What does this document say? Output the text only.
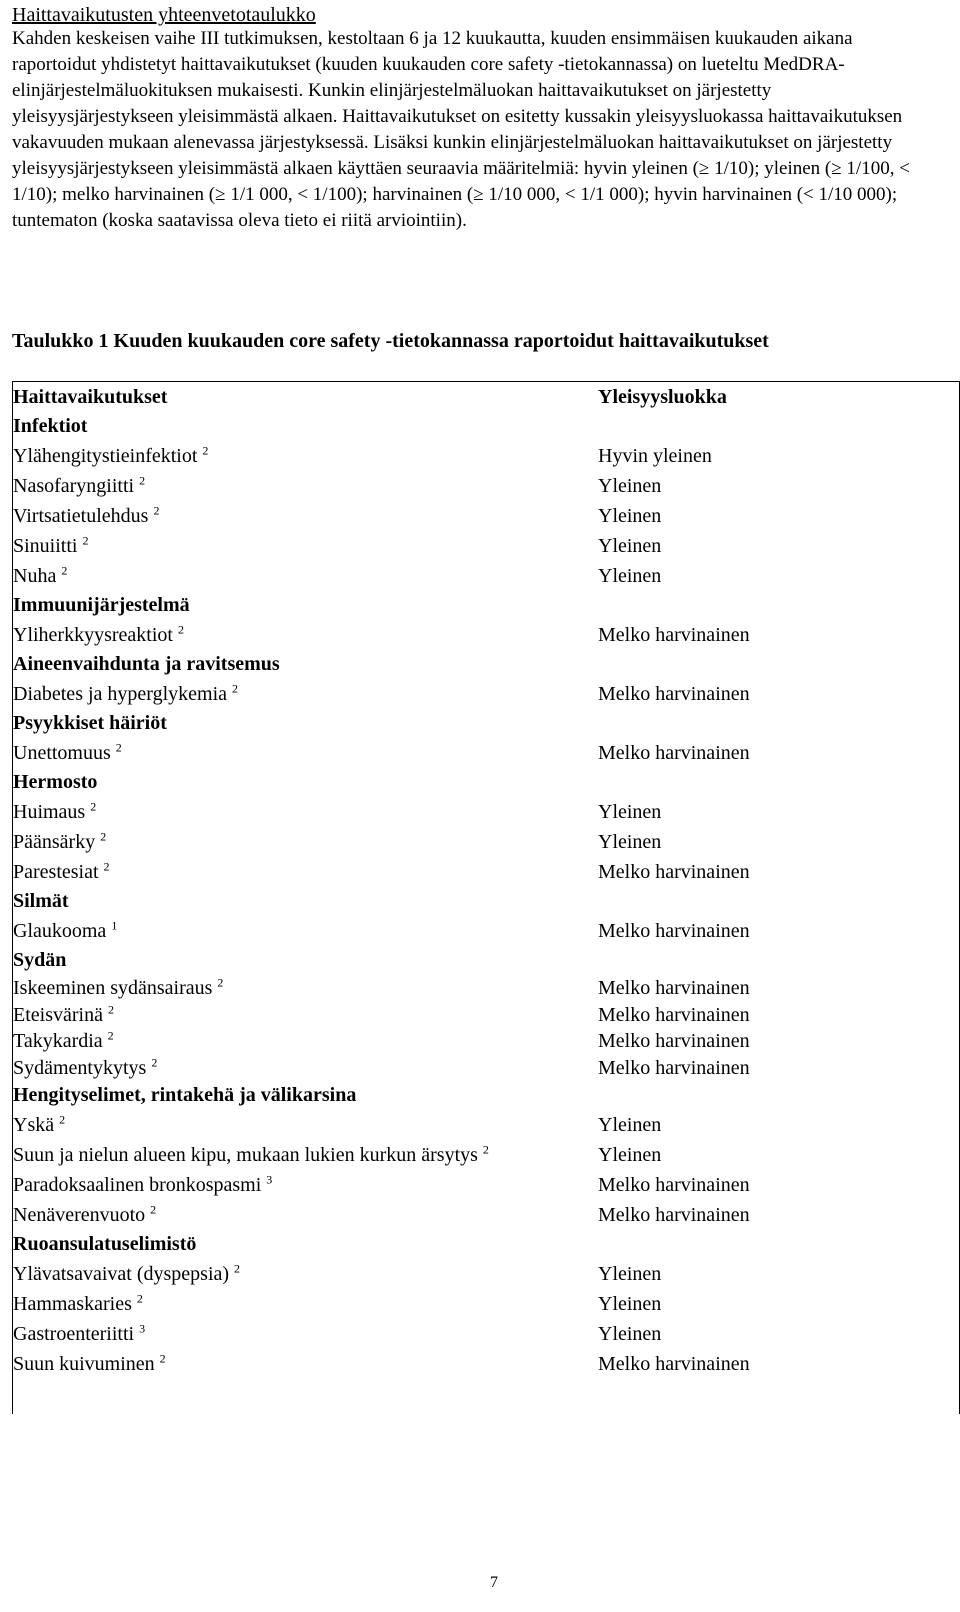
Haittavaikutusten yhteenvetotaulukko

Kahden keskeisen vaihe III tutkimuksen, kestoltaan 6 ja 12 kuukautta, kuuden ensimmäisen kuukauden aikana raportoidut yhdistetyt haittavaikutukset (kuuden kuukauden core safety -tietokannassa) on lueteltu MedDRA-elinjärjestelmäluokituksen mukaisesti. Kunkin elinjärjestelmäluokan haittavaikutukset on järjestetty yleisyysjärjestykseen yleisimmästä alkaen. Haittavaikutukset on esitetty kussakin yleisyysluokassa haittavaikutuksen vakavuuden mukaan alenevassa järjestyksessä. Lisäksi kunkin elinjärjestelmäluokan haittavaikutukset on järjestetty yleisyysjärjestykseen yleisimmästä alkaen käyttäen seuraavia määritelmiä: hyvin yleinen (≥ 1/10); yleinen (≥ 1/100, < 1/10); melko harvinainen (≥ 1/1 000, < 1/100); harvinainen (≥ 1/10 000, < 1/1 000); hyvin harvinainen (< 1/10 000); tuntematon (koska saatavissa oleva tieto ei riitä arviointiin).

Taulukko 1 Kuuden kuukauden core safety -tietokannassa raportoidut haittavaikutukset
Haittavaikutukset	Yleisyysluokka
Infektiot
Ylähengitystieinfektiot $^2$	Hyvin yleinen
Nasofaryngiitti $^2$	Yleinen
Virtsatietulehdus $^2$	Yleinen
Sinuiitti $^2$	Yleinen
Nuha $^2$	Yleinen
Immuunijärjestelmä
Yliherkkyysreaktiot $^2$	Melko harvinainen
Aineenvaihdunta ja ravitsemus
Diabetes ja hyperglykemia $^2$	Melko harvinainen
Psyykkiset häiriöt
Unettomuus $^2$	Melko harvinainen
Hermosto
Huimaus $^2$	Yleinen
Päänsärky $^2$	Yleinen
Parestesiat $^2$	Melko harvinainen
Silmät
Glaukooma $^1$	Melko harvinainen
Sydän
Iskeeminen sydänsairaus $^2$	Melko harvinainen
Eteisvärinä $^2$	Melko harvinainen
Takykardia $^2$	Melko harvinainen
Sydämentykytys $^2$	Melko harvinainen
Hengityselimet, rintakehä ja välikarsina
Yskä $^2$	Yleinen
Suun ja nielun alueen kipu, mukaan lukien kurkun ärsytys $^2$	Yleinen
Paradoksaalinen bronkospasmi $^3$	Melko harvinainen
Nenäverenvuoto $^2$	Melko harvinainen
Ruoansulatuselimistö
Ylävatsavaivat (dyspepsia) $^2$	Yleinen
Hammaskaries $^2$	Yleinen
Gastroenteriitti $^3$	Yleinen
Suun kuivuminen $^2$	Melko harvinainen
7
